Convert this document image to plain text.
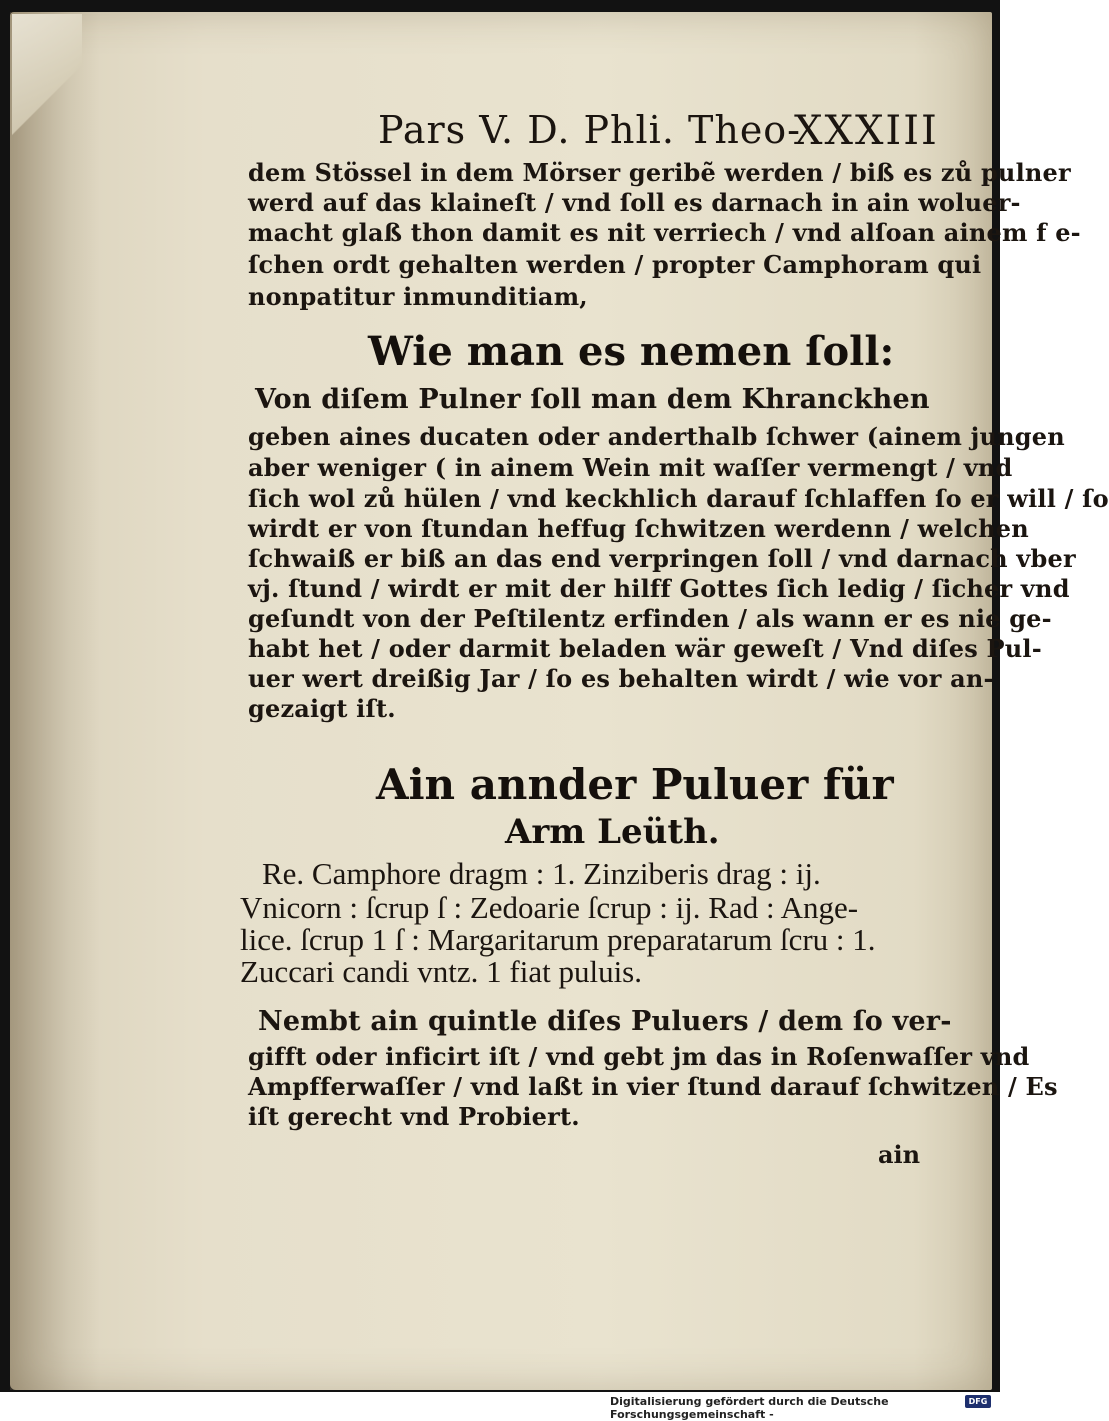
Pars V. D. Phli. Theo-
XXXIII
dem Stössel in dem Mörser geribẽ werden / biß es zů pulner
werd auf das klaineſt / vnd ſoll es darnach in ain woluer-
macht glaß thon damit es nit verriech / vnd alſoan ainem f e-
ſchen ordt gehalten werden / propter Camphoram qui
nonpatitur inmunditiam,
Wie man es nemen ſoll:
Von diſem Pulner ſoll man dem Khranckhen
geben aines ducaten oder anderthalb ſchwer (ainem jungen
aber weniger ( in ainem Wein mit waſſer vermengt / vnd
ſich wol zů hülen / vnd keckhlich darauf ſchlaffen ſo er will / ſo
wirdt er von ſtundan heffug ſchwitzen werdenn / welchen
ſchwaiß er biß an das end verpringen ſoll / vnd darnach vber
vj. ſtund / wirdt er mit der hilff Gottes ſich ledig / ſicher vnd
geſundt von der Peſtilentz erfinden / als wann er es nie ge-
habt het / oder darmit beladen wär geweſt / Vnd diſes Pul-
uer wert dreißig Jar / ſo es behalten wirdt / wie vor an-
gezaigt iſt.
Ain annder Puluer für
Arm Leüth.
Re. Camphore dragm : 1. Zinziberis drag : ij.
Vnicorn : ſcrup ſ : Zedoarie ſcrup : ij. Rad : Ange-
lice. ſcrup 1 ſ : Margaritarum preparatarum ſcru : 1.
Zuccari candi vntz. 1 fiat puluis.
Nembt ain quintle diſes Puluers / dem ſo ver-
gifft oder inficirt iſt / vnd gebt jm das in Roſenwaſſer vnd
Ampfferwaſſer / vnd laßt in vier ſtund darauf ſchwitzen / Es
iſt gerecht vnd Probiert.
ain
Digitalisierung gefördert durch die Deutsche Forschungsgemeinschaft -
DFG
